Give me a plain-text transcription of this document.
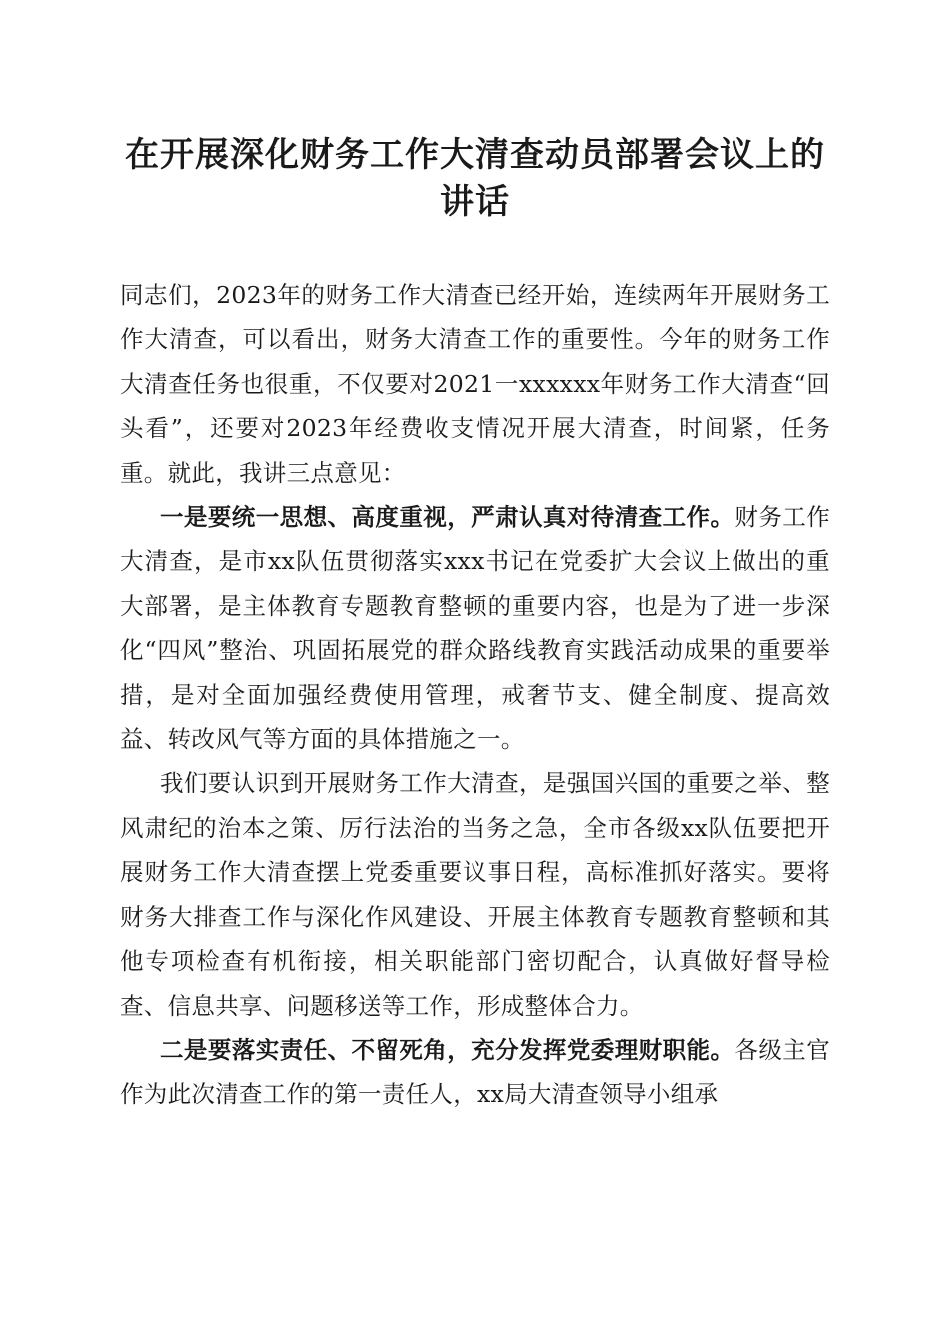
在开展深化财务工作大清查动员部署会议上的
讲话

同志们，2023年的财务工作大清查已经开始，连续两年开展财务工作大清查，可以看出，财务大清查工作的重要性。今年的财务工作大清查任务也很重，不仅要对2021一xxxxxx年财务工作大清查“回头看”，还要对2023年经费收支情况开展大清查，时间紧，任务重。就此，我讲三点意见：

一是要统一思想、高度重视，严肃认真对待清查工作。财务工作大清查，是市xx队伍贯彻落实xxx书记在党委扩大会议上做出的重大部署，是主体教育专题教育整顿的重要内容，也是为了进一步深化“四风”整治、巩固拓展党的群众路线教育实践活动成果的重要举措，是对全面加强经费使用管理，戒奢节支、健全制度、提高效益、转改风气等方面的具体措施之一。

我们要认识到开展财务工作大清查，是强国兴国的重要之举、整风肃纪的治本之策、厉行法治的当务之急，全市各级xx队伍要把开展财务工作大清查摆上党委重要议事日程，高标准抓好落实。要将财务大排查工作与深化作风建设、开展主体教育专题教育整顿和其他专项检查有机衔接，相关职能部门密切配合，认真做好督导检查、信息共享、问题移送等工作，形成整体合力。

二是要落实责任、不留死角，充分发挥党委理财职能。各级主官作为此次清查工作的第一责任人，xx局大清查领导小组承
